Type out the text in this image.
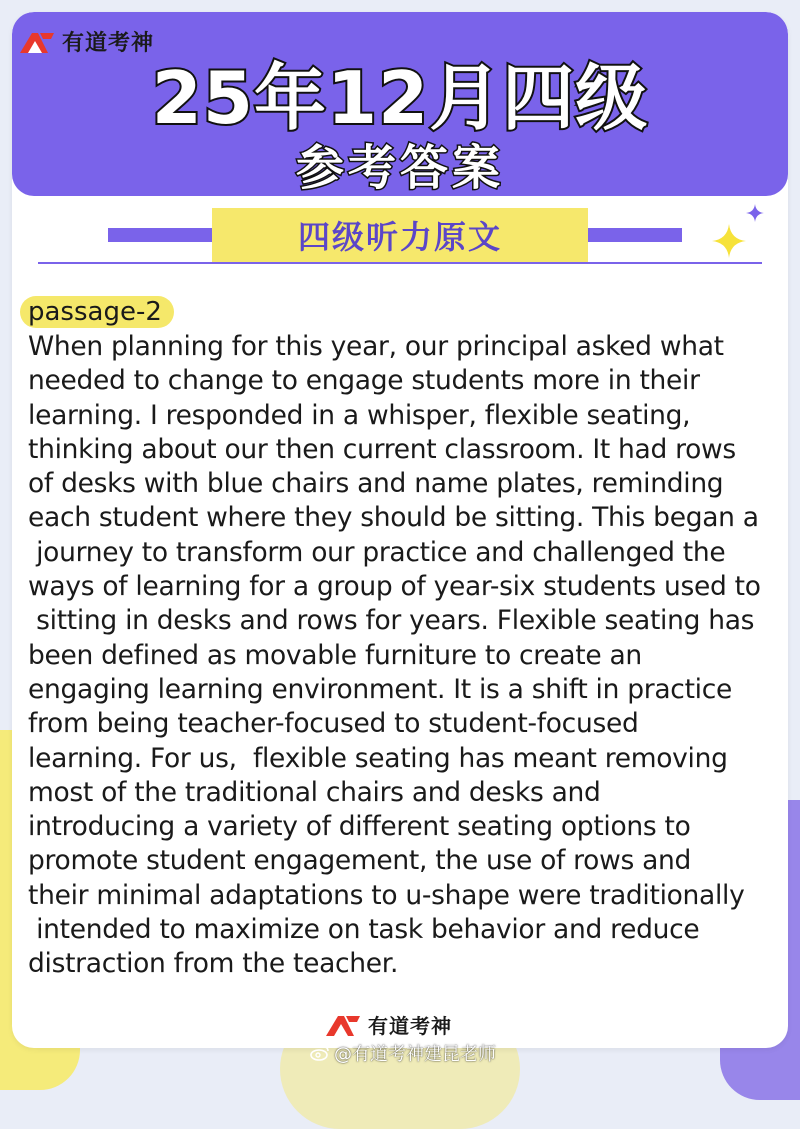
有道考神
25年12月四级
参考答案
四级听力原文
passage-2
When planning for this year, our principal asked what
needed to change to engage students more in their
learning. I responded in a whisper, flexible seating,
thinking about our then current classroom. It had rows
of desks with blue chairs and name plates, reminding
each student where they should be sitting. This began a
journey to transform our practice and challenged the
ways of learning for a group of year-six students used to
sitting in desks and rows for years. Flexible seating has
been defined as movable furniture to create an
engaging learning environment. It is a shift in practice
from being teacher-focused to student-focused
learning. For us,  flexible seating has meant removing
most of the traditional chairs and desks and
introducing a variety of different seating options to
promote student engagement, the use of rows and
their minimal adaptations to u-shape were traditionally
intended to maximize on task behavior and reduce
distraction from the teacher.
有道考神
@有道考神建昆老师
